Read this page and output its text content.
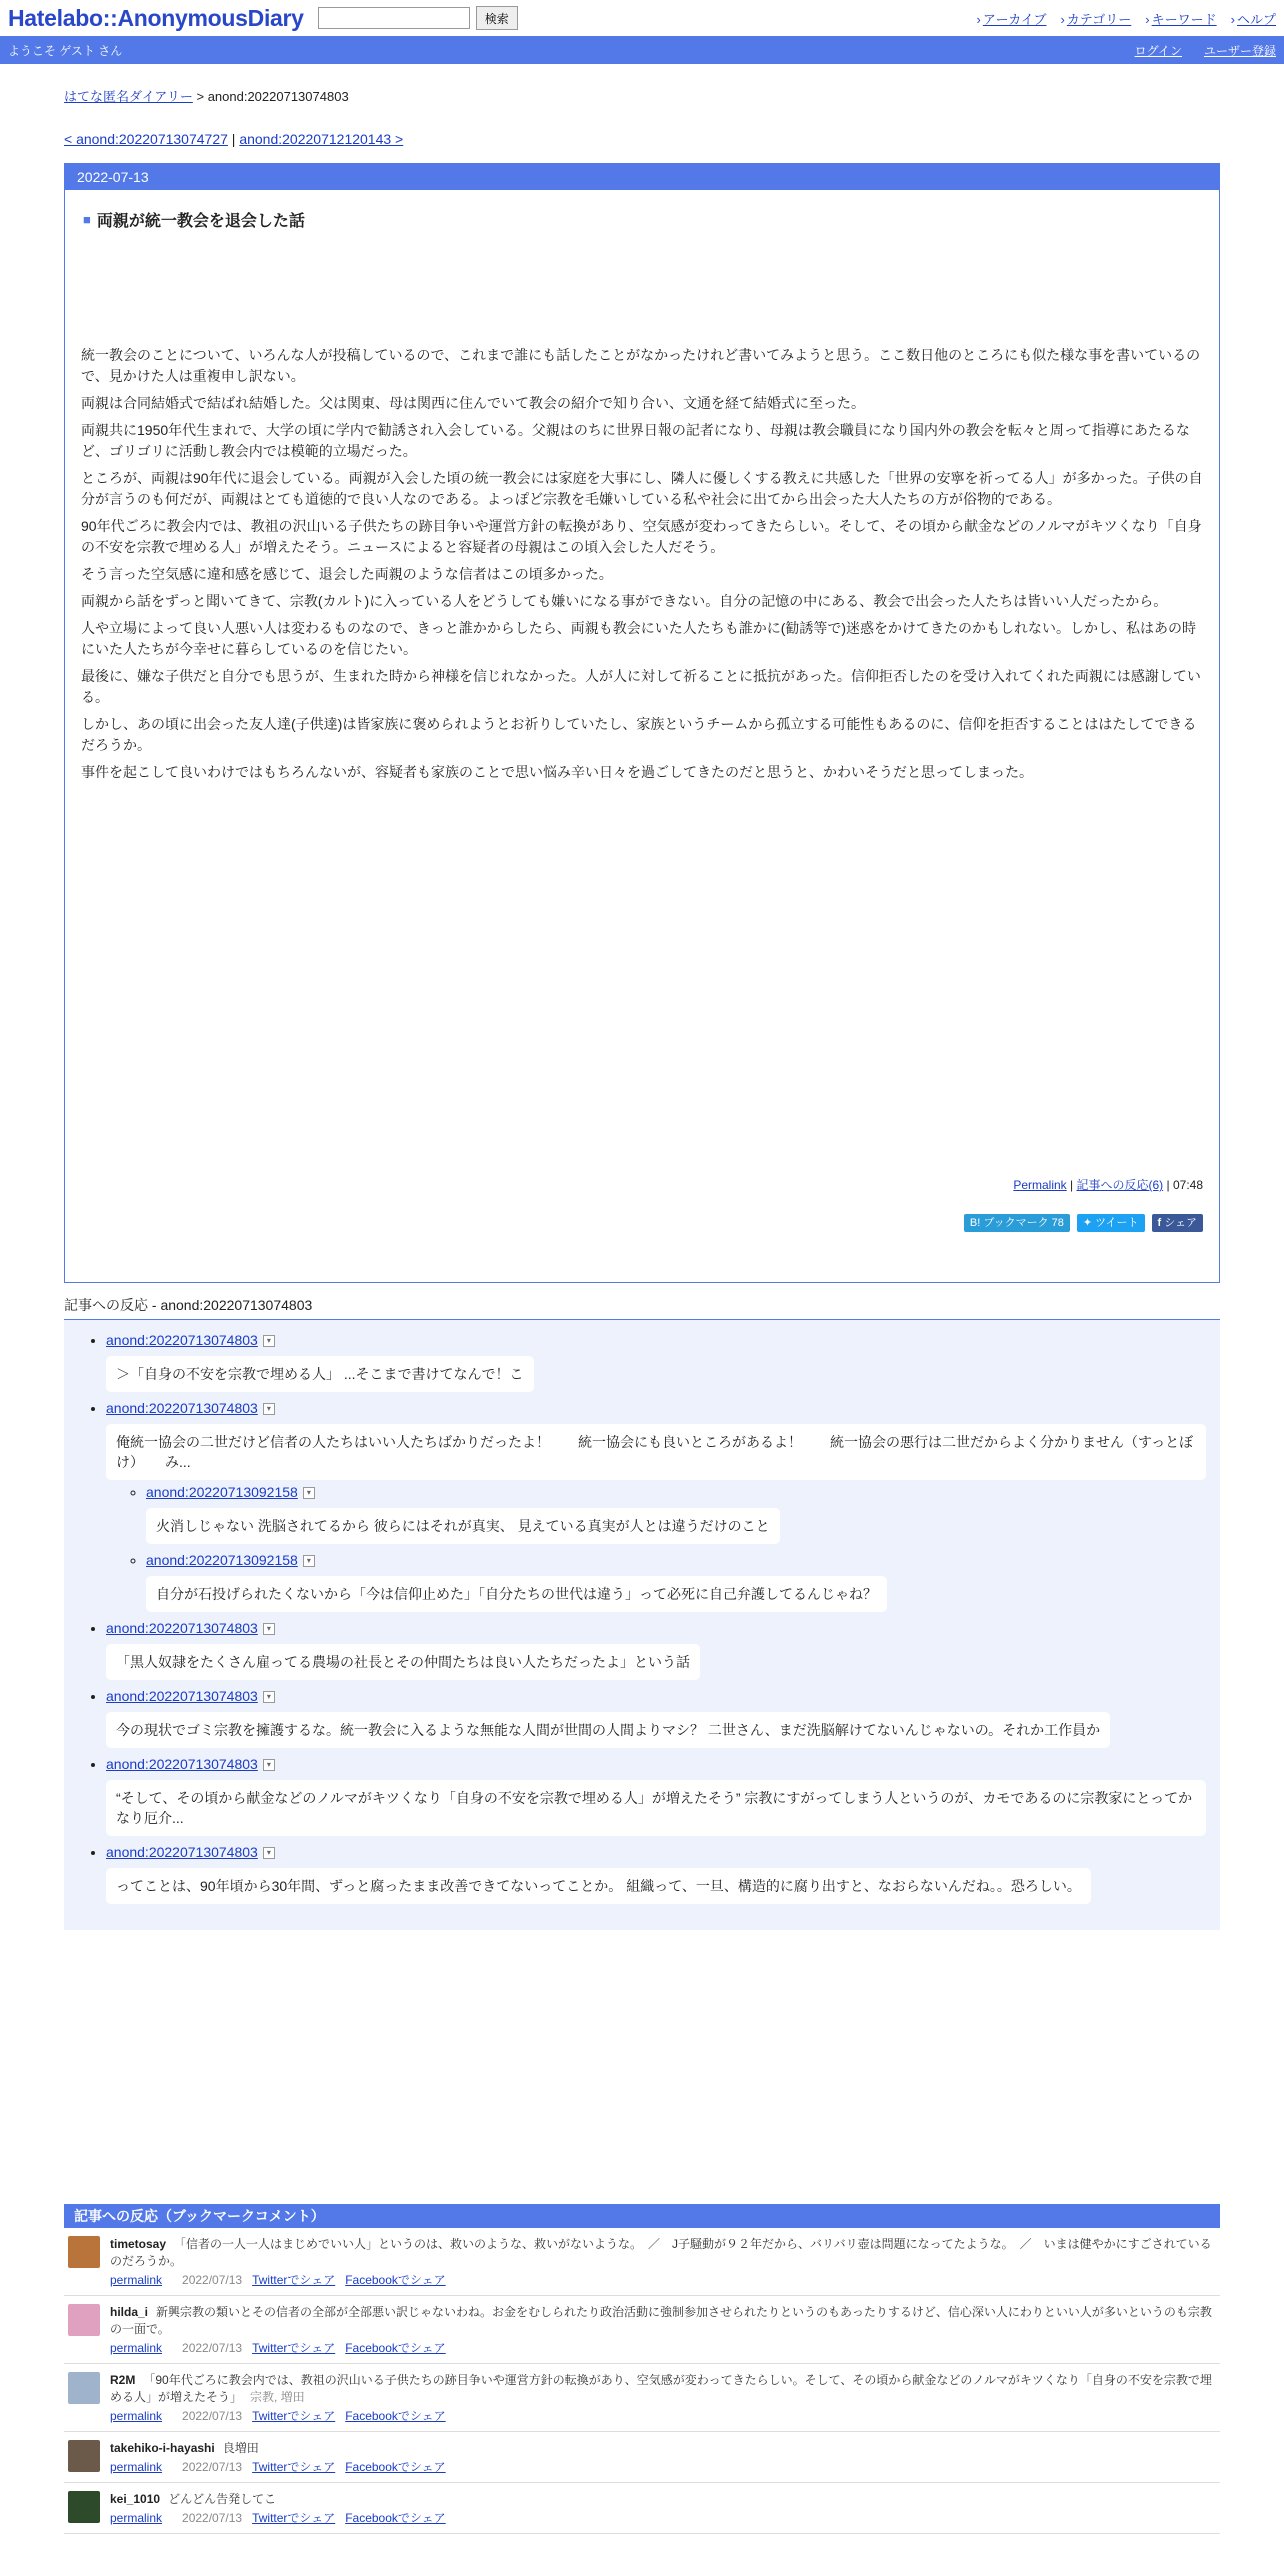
Hatelabo::AnonymousDiary	検索	› アーカイブ	› カテゴリー	› キーワード	› ヘルプ
ようこそ ゲスト さん	ログイン ユーザー登録
はてな匿名ダイアリー > anond:20220713074803
< anond:20220713074727 | anond:20220712120143 >
2022-07-13
■ 両親が統一教会を退会した話

統一教会のことについて、いろんな人が投稿しているので、これまで誰にも話したことがなかったけれど書いてみようと思う。ここ数日他のところにも似た様な事を書いているので、見かけた人は重複申し訳ない。

両親は合同結婚式で結ばれ結婚した。父は関東、母は関西に住んでいて教会の紹介で知り合い、文通を経て結婚式に至った。

両親共に1950年代生まれで、大学の頃に学内で勧誘され入会している。父親はのちに世界日報の記者になり、母親は教会職員になり国内外の教会を転々と周って指導にあたるなど、ゴリゴリに活動し教会内では模範的立場だった。

ところが、両親は90年代に退会している。両親が入会した頃の統一教会には家庭を大事にし、隣人に優しくする教えに共感した「世界の安寧を祈ってる人」が多かった。子供の自分が言うのも何だが、両親はとても道徳的で良い人なのである。よっぽど宗教を毛嫌いしている私や社会に出てから出会った大人たちの方が俗物的である。

90年代ごろに教会内では、教祖の沢山いる子供たちの跡目争いや運営方針の転換があり、空気感が変わってきたらしい。そして、その頃から献金などのノルマがキツくなり「自身の不安を宗教で埋める人」が増えたそう。ニュースによると容疑者の母親はこの頃入会した人だそう。

そう言った空気感に違和感を感じて、退会した両親のような信者はこの頃多かった。

両親から話をずっと聞いてきて、宗教(カルト)に入っている人をどうしても嫌いになる事ができない。自分の記憶の中にある、教会で出会った人たちは皆いい人だったから。

人や立場によって良い人悪い人は変わるものなので、きっと誰かからしたら、両親も教会にいた人たちも誰かに(勧誘等で)迷惑をかけてきたのかもしれない。しかし、私はあの時にいた人たちが今幸せに暮らしているのを信じたい。

最後に、嫌な子供だと自分でも思うが、生まれた時から神様を信じれなかった。人が人に対して祈ることに抵抗があった。信仰拒否したのを受け入れてくれた両親には感謝している。

しかし、あの頃に出会った友人達(子供達)は皆家族に褒められようとお祈りしていたし、家族というチームから孤立する可能性もあるのに、信仰を拒否することははたしてできるだろうか。

事件を起こして良いわけではもちろんないが、容疑者も家族のことで思い悩み辛い日々を過ごしてきたのだと思うと、かわいそうだと思ってしまった。

Permalink | 記事への反応(6) | 07:48
B! ブックマーク 78	✦ ツイート	f シェア
記事への反応 - anond:20220713074803
• anond:20220713074803 ▾
＞「自身の不安を宗教で埋める人」 ...そこまで書けてなんで！こ
• anond:20220713074803 ▾
俺統一協会の二世だけど信者の人たちはいい人たちばかりだったよ！　　統一協会にも良いところがあるよ！　　統一協会の悪行は二世だからよく分かりません（すっとぼけ）　　み...
◦ anond:20220713092158 ▾
火消しじゃない 洗脳されてるから 彼らにはそれが真実、 見えている真実が人とは違うだけのこと
◦ anond:20220713092158 ▾
自分が石投げられたくないから「今は信仰止めた」「自分たちの世代は違う」って必死に自己弁護してるんじゃね？
• anond:20220713074803 ▾
「黒人奴隷をたくさん雇ってる農場の社長とその仲間たちは良い人たちだったよ」という話
• anond:20220713074803 ▾
今の現状でゴミ宗教を擁護するな。統一教会に入るような無能な人間が世間の人間よりマシ？ 二世さん、まだ洗脳解けてないんじゃないの。それか工作員か
• anond:20220713074803 ▾
“そして、その頃から献金などのノルマがキツくなり「自身の不安を宗教で埋める人」が増えたそう” 宗教にすがってしまう人というのが、カモであるのに宗教家にとってかなり厄介...
• anond:20220713074803 ▾
ってことは、90年頃から30年間、ずっと腐ったまま改善できてないってことか。 組織って、一旦、構造的に腐り出すと、なおらないんだね。。恐ろしい。
記事への反応（ブックマークコメント）
timetosay 「信者の一人一人はまじめでいい人」というのは、救いのような、救いがないような。　／　J子騒動が９２年だから、バリバリ壺は問題になってたような。　／　いまは健やかにすごされているのだろうか。
permalink 2022/07/13 Twitterでシェア Facebookでシェア
hilda_i 新興宗教の類いとその信者の全部が全部悪い訳じゃないわね。お金をむしられたり政治活動に強制参加させられたりというのもあったりするけど、信心深い人にわりといい人が多いというのも宗教の一面で。
permalink 2022/07/13 Twitterでシェア Facebookでシェア
R2M 「90年代ごろに教会内では、教祖の沢山いる子供たちの跡目争いや運営方針の転換があり、空気感が変わってきたらしい。そして、その頃から献金などのノルマがキツくなり「自身の不安を宗教で埋める人」が増えたそう」 宗教, 増田
permalink 2022/07/13 Twitterでシェア Facebookでシェア
takehiko-i-hayashi 良増田
permalink 2022/07/13 Twitterでシェア Facebookでシェア
kei_1010 どんどん告発してこ
permalink 2022/07/13 Twitterでシェア Facebookでシェア
